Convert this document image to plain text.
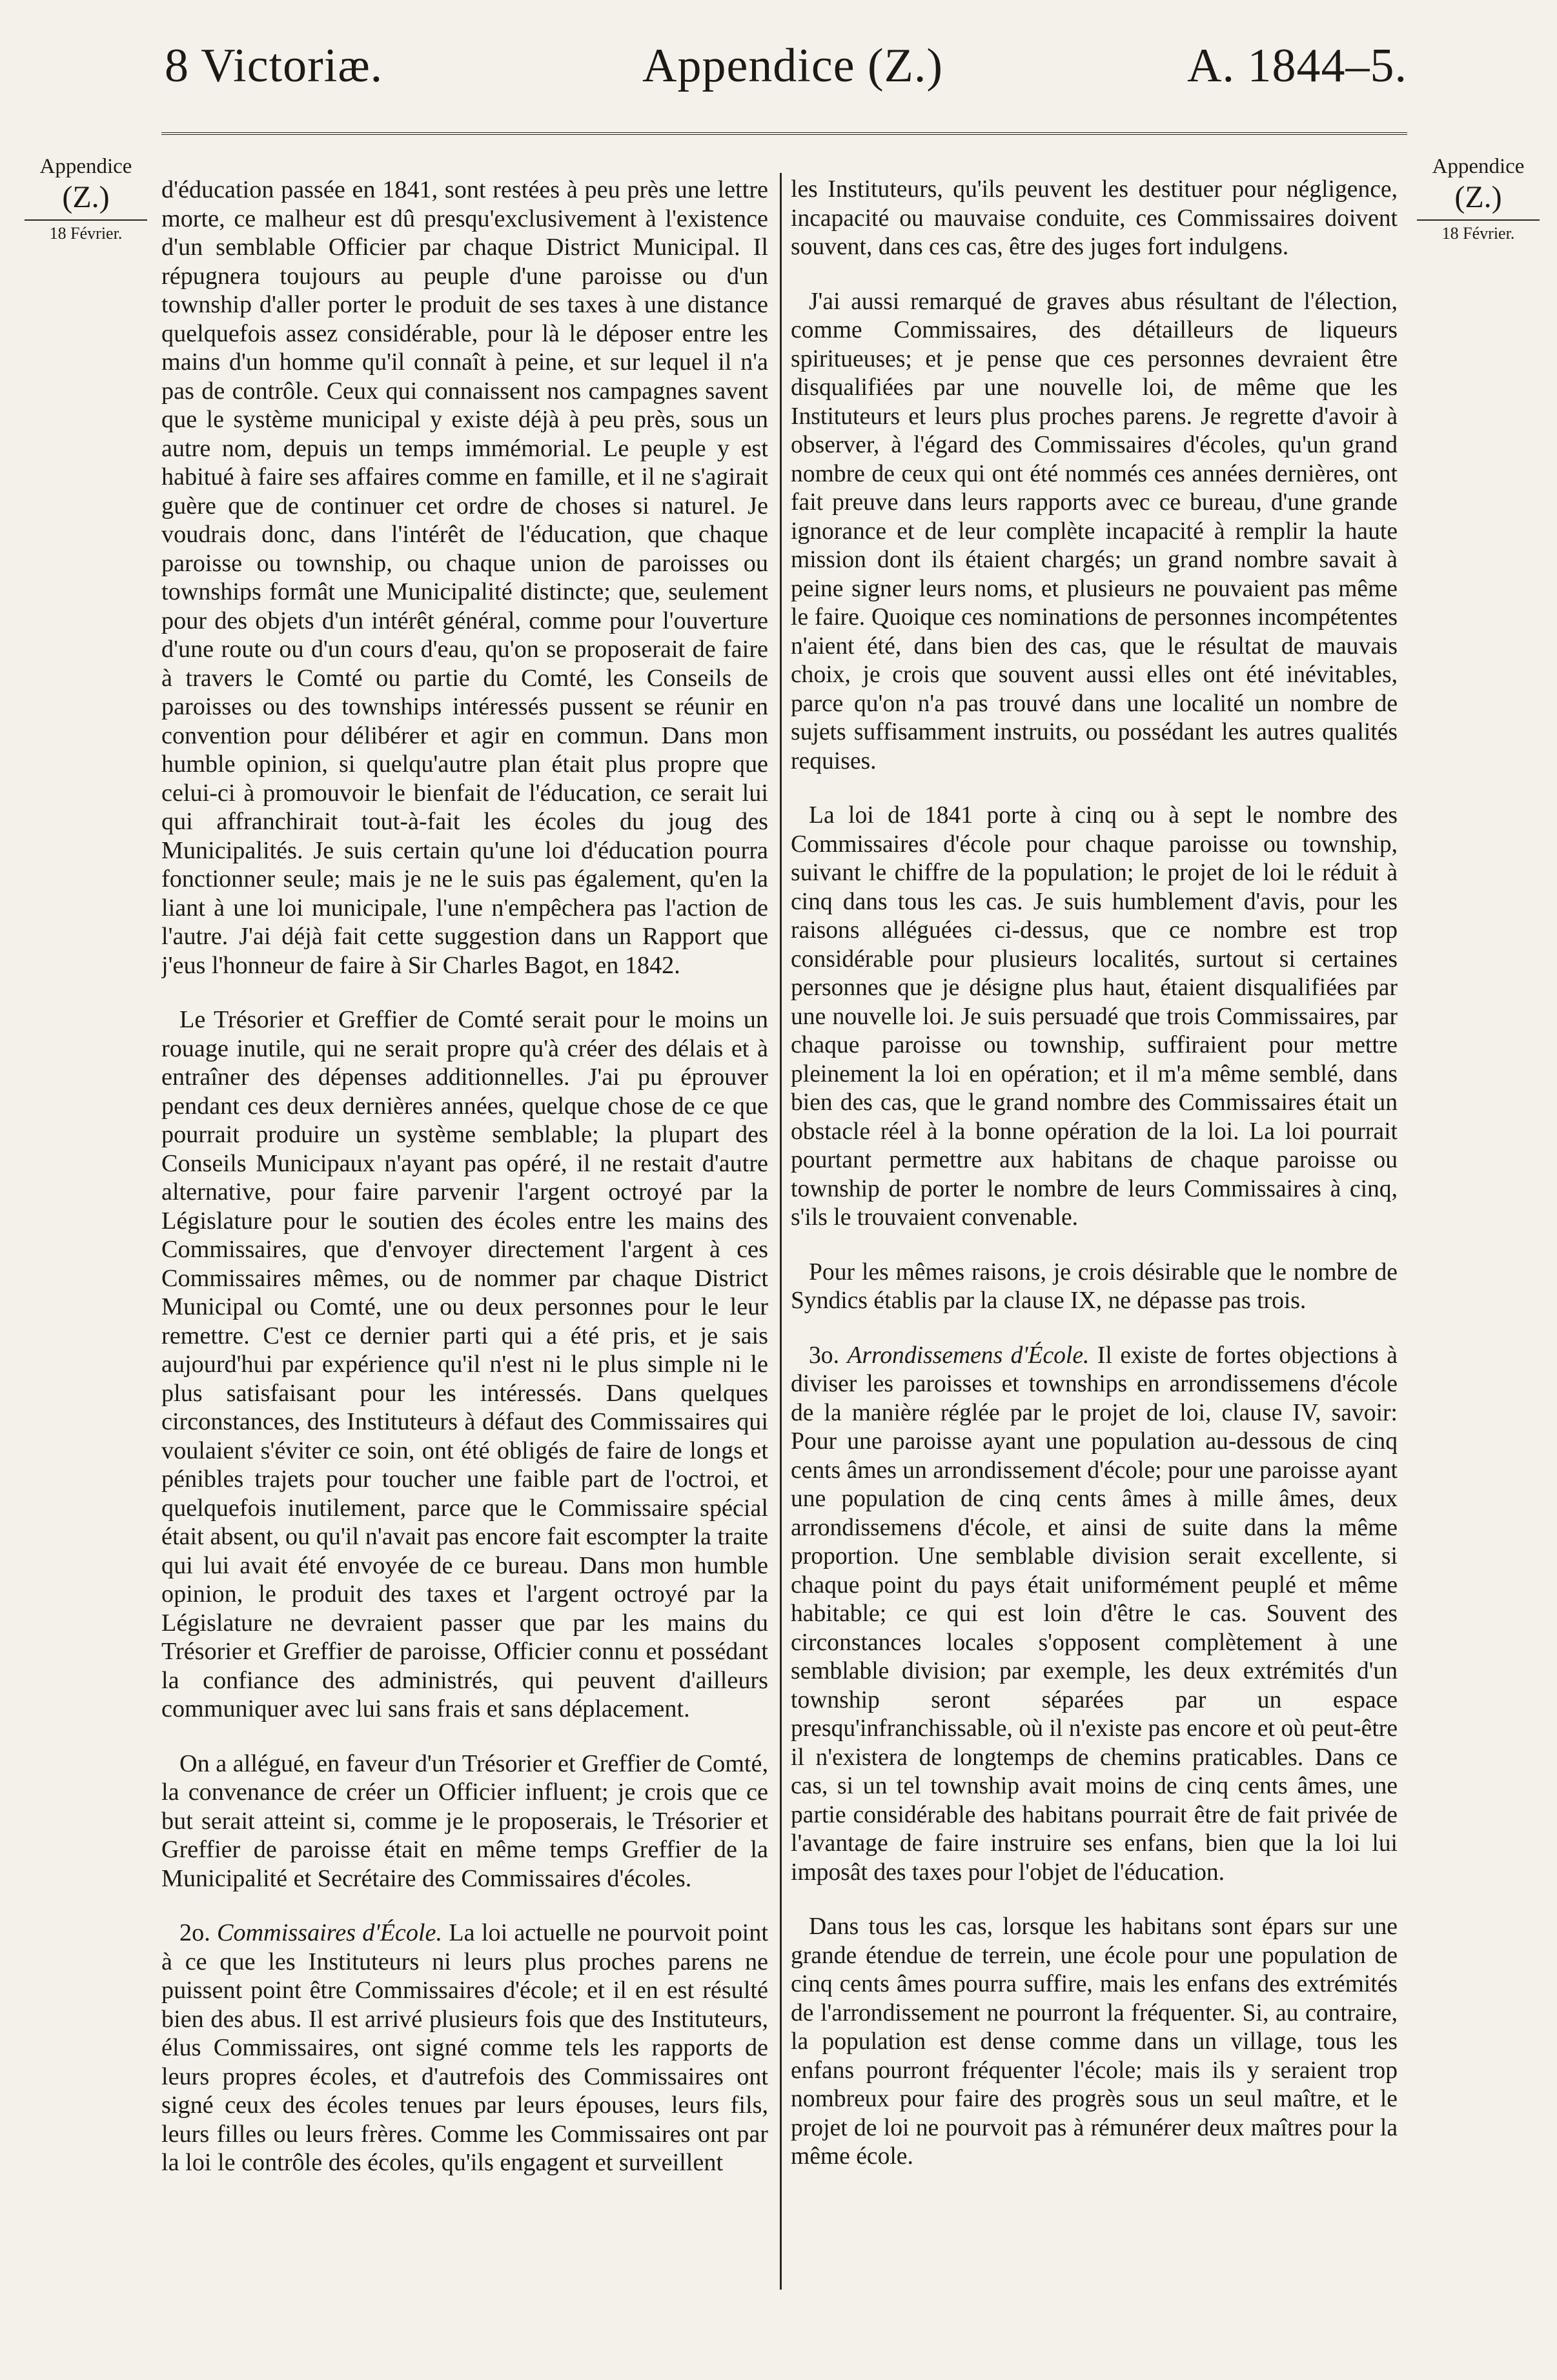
8 Victoriæ.	Appendice (Z.)	A. 1844–5.
Appendice
(Z.)
18 Février.
Appendice
(Z.)
18 Février.

d'éducation passée en 1841, sont restées à peu près une lettre morte, ce malheur est dû presqu'exclusivement à l'existence d'un semblable Officier par chaque District Municipal. Il répugnera toujours au peuple d'une paroisse ou d'un township d'aller porter le produit de ses taxes à une distance quelquefois assez considérable, pour là le déposer entre les mains d'un homme qu'il connaît à peine, et sur lequel il n'a pas de contrôle. Ceux qui connaissent nos campagnes savent que le système municipal y existe déjà à peu près, sous un autre nom, depuis un temps immémorial. Le peuple y est habitué à faire ses affaires comme en famille, et il ne s'agirait guère que de continuer cet ordre de choses si naturel. Je voudrais donc, dans l'intérêt de l'éducation, que chaque paroisse ou township, ou chaque union de paroisses ou townships formât une Municipalité distincte; que, seulement pour des objets d'un intérêt général, comme pour l'ouverture d'une route ou d'un cours d'eau, qu'on se proposerait de faire à travers le Comté ou partie du Comté, les Conseils de paroisses ou des townships intéressés pussent se réunir en convention pour délibérer et agir en commun. Dans mon humble opinion, si quelqu'autre plan était plus propre que celui-ci à promouvoir le bienfait de l'éducation, ce serait lui qui affranchirait tout-à-fait les écoles du joug des Municipalités. Je suis certain qu'une loi d'éducation pourra fonctionner seule; mais je ne le suis pas également, qu'en la liant à une loi municipale, l'une n'empêchera pas l'action de l'autre. J'ai déjà fait cette suggestion dans un Rapport que j'eus l'honneur de faire à Sir Charles Bagot, en 1842.

Le Trésorier et Greffier de Comté serait pour le moins un rouage inutile, qui ne serait propre qu'à créer des délais et à entraîner des dépenses additionnelles. J'ai pu éprouver pendant ces deux dernières années, quelque chose de ce que pourrait produire un système semblable; la plupart des Conseils Municipaux n'ayant pas opéré, il ne restait d'autre alternative, pour faire parvenir l'argent octroyé par la Législature pour le soutien des écoles entre les mains des Commissaires, que d'envoyer directement l'argent à ces Commissaires mêmes, ou de nommer par chaque District Municipal ou Comté, une ou deux personnes pour le leur remettre. C'est ce dernier parti qui a été pris, et je sais aujourd'hui par expérience qu'il n'est ni le plus simple ni le plus satisfaisant pour les intéressés. Dans quelques circonstances, des Instituteurs à défaut des Commissaires qui voulaient s'éviter ce soin, ont été obligés de faire de longs et pénibles trajets pour toucher une faible part de l'octroi, et quelquefois inutilement, parce que le Commissaire spécial était absent, ou qu'il n'avait pas encore fait escompter la traite qui lui avait été envoyée de ce bureau. Dans mon humble opinion, le produit des taxes et l'argent octroyé par la Législature ne devraient passer que par les mains du Trésorier et Greffier de paroisse, Officier connu et possédant la confiance des administrés, qui peuvent d'ailleurs communiquer avec lui sans frais et sans déplacement.

On a allégué, en faveur d'un Trésorier et Greffier de Comté, la convenance de créer un Officier influent; je crois que ce but serait atteint si, comme je le proposerais, le Trésorier et Greffier de paroisse était en même temps Greffier de la Municipalité et Secrétaire des Commissaires d'écoles.

2o. Commissaires d'École. La loi actuelle ne pourvoit point à ce que les Instituteurs ni leurs plus proches parens ne puissent point être Commissaires d'école; et il en est résulté bien des abus. Il est arrivé plusieurs fois que des Instituteurs, élus Commissaires, ont signé comme tels les rapports de leurs propres écoles, et d'autrefois des Commissaires ont signé ceux des écoles tenues par leurs épouses, leurs fils, leurs filles ou leurs frères. Comme les Commissaires ont par la loi le contrôle des écoles, qu'ils engagent et surveillent

les Instituteurs, qu'ils peuvent les destituer pour négligence, incapacité ou mauvaise conduite, ces Commissaires doivent souvent, dans ces cas, être des juges fort indulgens.

J'ai aussi remarqué de graves abus résultant de l'élection, comme Commissaires, des détailleurs de liqueurs spiritueuses; et je pense que ces personnes devraient être disqualifiées par une nouvelle loi, de même que les Instituteurs et leurs plus proches parens. Je regrette d'avoir à observer, à l'égard des Commissaires d'écoles, qu'un grand nombre de ceux qui ont été nommés ces années dernières, ont fait preuve dans leurs rapports avec ce bureau, d'une grande ignorance et de leur complète incapacité à remplir la haute mission dont ils étaient chargés; un grand nombre savait à peine signer leurs noms, et plusieurs ne pouvaient pas même le faire. Quoique ces nominations de personnes incompétentes n'aient été, dans bien des cas, que le résultat de mauvais choix, je crois que souvent aussi elles ont été inévitables, parce qu'on n'a pas trouvé dans une localité un nombre de sujets suffisamment instruits, ou possédant les autres qualités requises.

La loi de 1841 porte à cinq ou à sept le nombre des Commissaires d'école pour chaque paroisse ou township, suivant le chiffre de la population; le projet de loi le réduit à cinq dans tous les cas. Je suis humblement d'avis, pour les raisons alléguées ci-dessus, que ce nombre est trop considérable pour plusieurs localités, surtout si certaines personnes que je désigne plus haut, étaient disqualifiées par une nouvelle loi. Je suis persuadé que trois Commissaires, par chaque paroisse ou township, suffiraient pour mettre pleinement la loi en opération; et il m'a même semblé, dans bien des cas, que le grand nombre des Commissaires était un obstacle réel à la bonne opération de la loi. La loi pourrait pourtant permettre aux habitans de chaque paroisse ou township de porter le nombre de leurs Commissaires à cinq, s'ils le trouvaient convenable.

Pour les mêmes raisons, je crois désirable que le nombre de Syndics établis par la clause IX, ne dépasse pas trois.

3o. Arrondissemens d'École. Il existe de fortes objections à diviser les paroisses et townships en arrondissemens d'école de la manière réglée par le projet de loi, clause IV, savoir: Pour une paroisse ayant une population au-dessous de cinq cents âmes un arrondissement d'école; pour une paroisse ayant une population de cinq cents âmes à mille âmes, deux arrondissemens d'école, et ainsi de suite dans la même proportion. Une semblable division serait excellente, si chaque point du pays était uniformément peuplé et même habitable; ce qui est loin d'être le cas. Souvent des circonstances locales s'opposent complètement à une semblable division; par exemple, les deux extrémités d'un township seront séparées par un espace presqu'infranchissable, où il n'existe pas encore et où peut-être il n'existera de longtemps de chemins praticables. Dans ce cas, si un tel township avait moins de cinq cents âmes, une partie considérable des habitans pourrait être de fait privée de l'avantage de faire instruire ses enfans, bien que la loi lui imposât des taxes pour l'objet de l'éducation.

Dans tous les cas, lorsque les habitans sont épars sur une grande étendue de terrein, une école pour une population de cinq cents âmes pourra suffire, mais les enfans des extrémités de l'arrondissement ne pourront la fréquenter. Si, au contraire, la population est dense comme dans un village, tous les enfans pourront fréquenter l'école; mais ils y seraient trop nombreux pour faire des progrès sous un seul maître, et le projet de loi ne pourvoit pas à rémunérer deux maîtres pour la même école.
